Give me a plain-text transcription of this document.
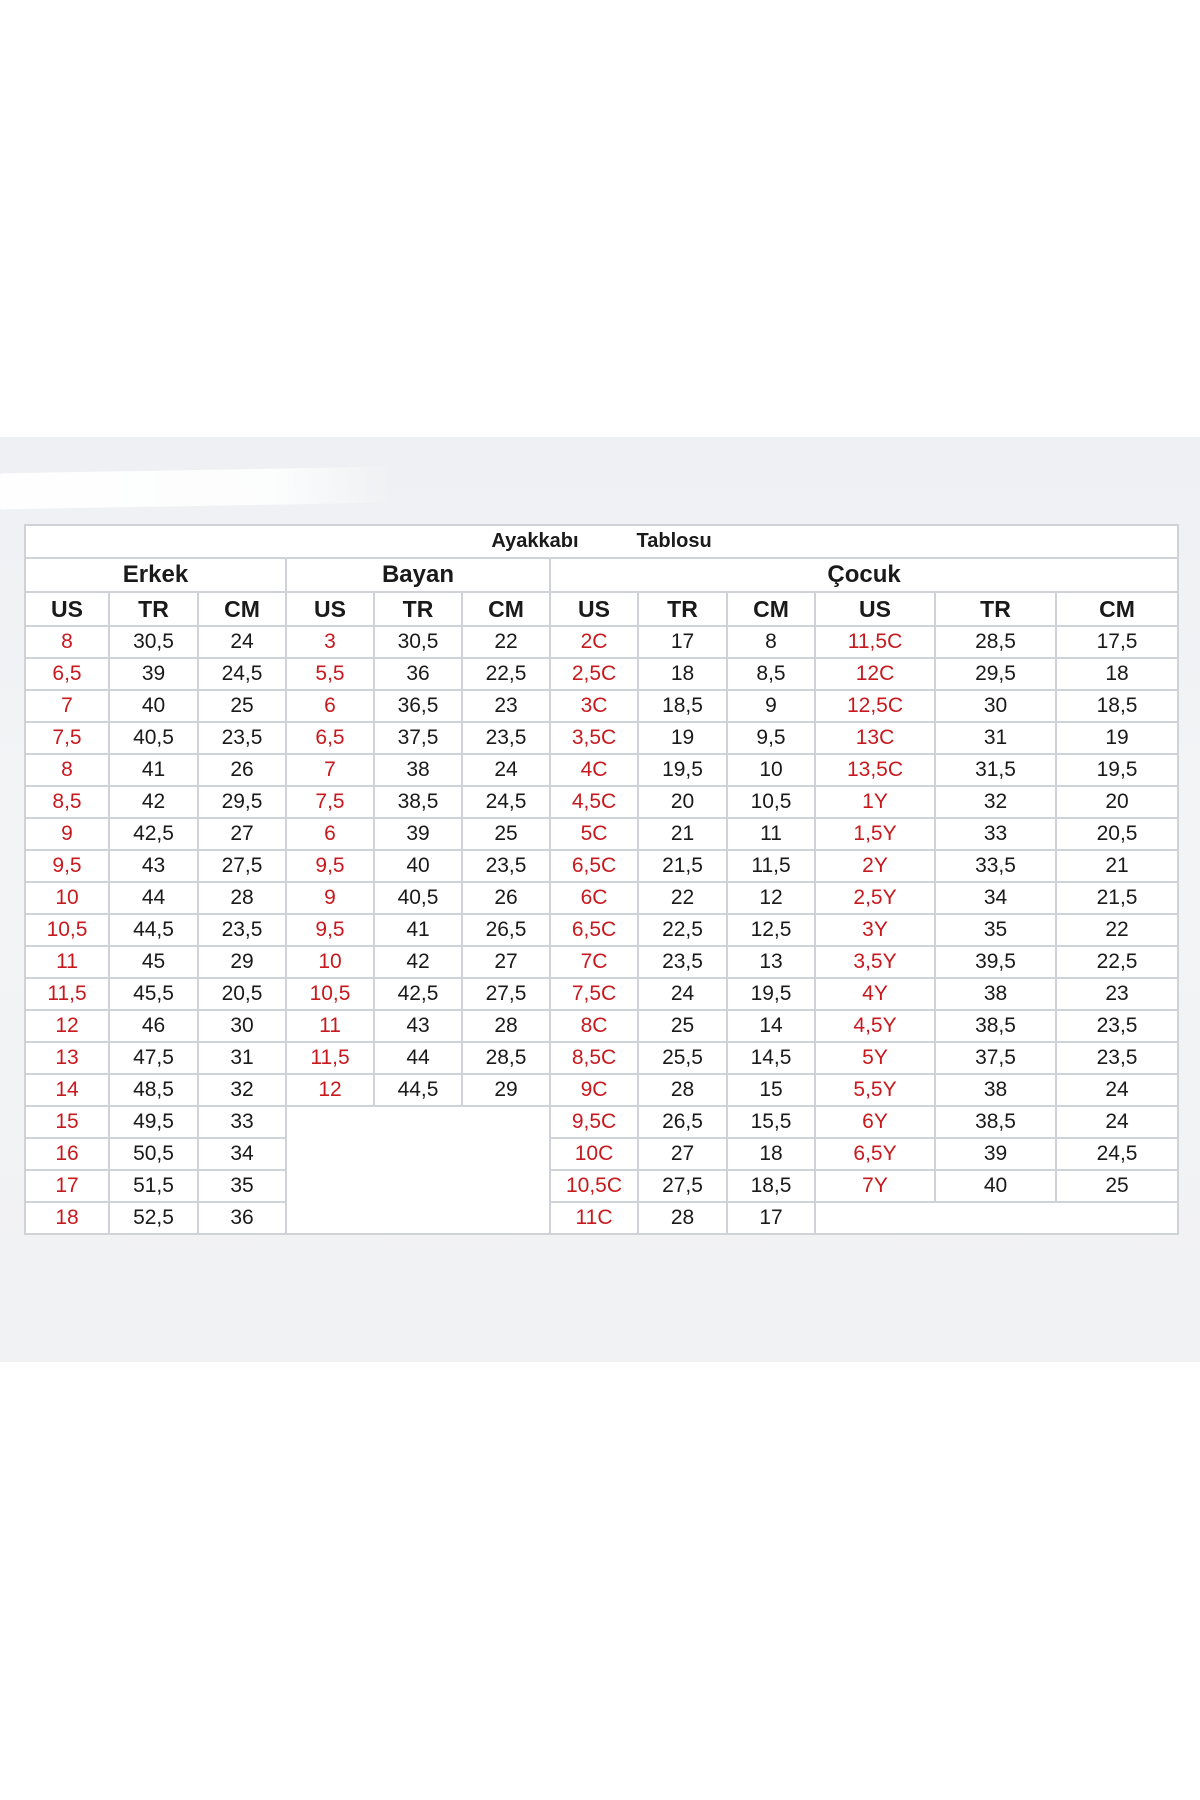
Ayakkabı Tablosu											
Erkek			Bayan			Çocuk					
US	TR	CM	US	TR	CM	US	TR	CM	US	TR	CM
8	30,5	24	3	30,5	22	2C	17	8	11,5C	28,5	17,5
6,5	39	24,5	5,5	36	22,5	2,5C	18	8,5	12C	29,5	18
7	40	25	6	36,5	23	3C	18,5	9	12,5C	30	18,5
7,5	40,5	23,5	6,5	37,5	23,5	3,5C	19	9,5	13C	31	19
8	41	26	7	38	24	4C	19,5	10	13,5C	31,5	19,5
8,5	42	29,5	7,5	38,5	24,5	4,5C	20	10,5	1Y	32	20
9	42,5	27	6	39	25	5C	21	11	1,5Y	33	20,5
9,5	43	27,5	9,5	40	23,5	6,5C	21,5	11,5	2Y	33,5	21
10	44	28	9	40,5	26	6C	22	12	2,5Y	34	21,5
10,5	44,5	23,5	9,5	41	26,5	6,5C	22,5	12,5	3Y	35	22
11	45	29	10	42	27	7C	23,5	13	3,5Y	39,5	22,5
11,5	45,5	20,5	10,5	42,5	27,5	7,5C	24	19,5	4Y	38	23
12	46	30	11	43	28	8C	25	14	4,5Y	38,5	23,5
13	47,5	31	11,5	44	28,5	8,5C	25,5	14,5	5Y	37,5	23,5
14	48,5	32	12	44,5	29	9C	28	15	5,5Y	38	24
15	49,5	33				9,5C	26,5	15,5	6Y	38,5	24
16	50,5	34				10C	27	18	6,5Y	39	24,5
17	51,5	35				10,5C	27,5	18,5	7Y	40	25
18	52,5	36				11C	28	17			
